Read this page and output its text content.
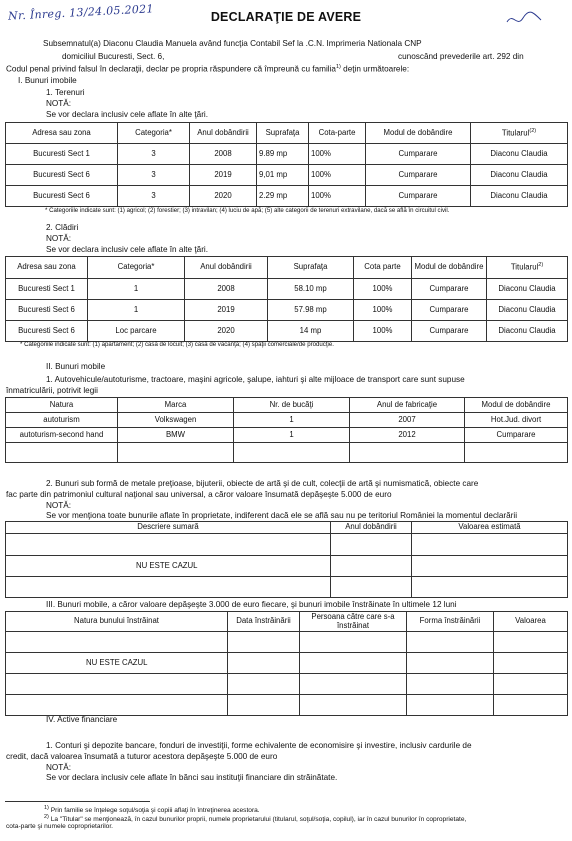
Nr. Înreg. 13/24.05.2021	DECLARAŢIE DE AVERE
Subsemnatul(a) Diaconu Claudia Manuela având funcţia Contabil Sef la .C.N. Imprimeria Nationala CNP
domiciliul Bucuresti, Sect. 6,	cunoscând prevederile art. 292 din
Codul penal privind falsul în declaraţii, declar pe propria răspundere că împreună cu familia$^{1)}$ deţin următoarele:
I. Bunuri imobile
1. Terenuri
NOTĂ:
Se vor declara inclusiv cele aflate în alte ţări.
Adresa sau zona	Categoria*	Anul dobândirii	Suprafaţa	Cota-parte	Modul de dobândire	Titularul$^{(2)}$
Bucuresti Sect 1	3	2008	9.89 mp	100%	Cumparare	Diaconu Claudia
Bucuresti Sect 6	3	2019	9,01 mp	100%	Cumparare	Diaconu Claudia
Bucuresti Sect 6	3	2020	2.29 mp	100%	Cumparare	Diaconu Claudia
* Categoriile indicate sunt: (1) agricol; (2) forestier; (3) intravilan; (4) luciu de apă; (5) alte categorii de terenuri extravilane, dacă se află în circuitul civil.
2. Clădiri
NOTĂ:
Se vor declara inclusiv cele aflate în alte ţări.
Adresa sau zona	Categoria*	Anul dobândirii	Suprafaţa	Cota parte	Modul de dobândire	Titularul$^{2)}$
Bucuresti Sect 1	1	2008	58.10 mp	100%	Cumparare	Diaconu Claudia
Bucuresti Sect 6	1	2019	57.98 mp	100%	Cumparare	Diaconu Claudia
Bucuresti Sect 6	Loc parcare	2020	14 mp	100%	Cumparare	Diaconu Claudia
* Categoriile indicate sunt: (1) apartament; (2) casă de locuit; (3) casă de vacanţă; (4) spaţii comerciale/de producţie.
II. Bunuri mobile
1. Autovehicule/autoturisme, tractoare, maşini agricole, şalupe, iahturi şi alte mijloace de transport care sunt supuse
înmatriculării, potrivit legii
Natura	Marca	Nr. de bucăţi	Anul de fabricaţie	Modul de dobândire
autoturism	Volkswagen	1	2007	Hot.Jud. divort
autoturism-second hand	BMW	1	2012	Cumparare

2. Bunuri sub formă de metale preţioase, bijuterii, obiecte de artă şi de cult, colecţii de artă şi numismatică, obiecte care
fac parte din patrimoniul cultural naţional sau universal, a căror valoare însumată depăşeşte 5.000 de euro
NOTĂ:
Se vor menţiona toate bunurile aflate în proprietate, indiferent dacă ele se află sau nu pe teritoriul României la momentul declarării
Descriere sumară	Anul dobândirii	Valoarea estimată

NU ESTE CAZUL		

III. Bunuri mobile, a căror valoare depăşeşte 3.000 de euro fiecare, şi bunuri imobile înstrăinate în ultimele 12 luni
Natura bunului înstrăinat	Data înstrăinării	Persoana către care s-a înstrăinat	Forma înstrăinării	Valoarea

NU ESTE CAZUL				

IV. Active financiare
1. Conturi şi depozite bancare, fonduri de investiţii, forme echivalente de economisire şi investire, inclusiv cardurile de
credit, dacă valoarea însumată a tuturor acestora depăşeşte 5.000 de euro
NOTĂ:
Se vor declara inclusiv cele aflate în bănci sau instituţii financiare din străinătate.
$^{1)}$ Prin familie se înţelege soţul/soţia şi copiii aflaţi în întreţinerea acestora.
$^{2)}$ La "Titular" se menţionează, în cazul bunurilor proprii, numele proprietarului (titularul, soţul/soţia, copilul), iar în cazul bunurilor în coproprietate,
cota-parte şi numele coproprietarilor.
